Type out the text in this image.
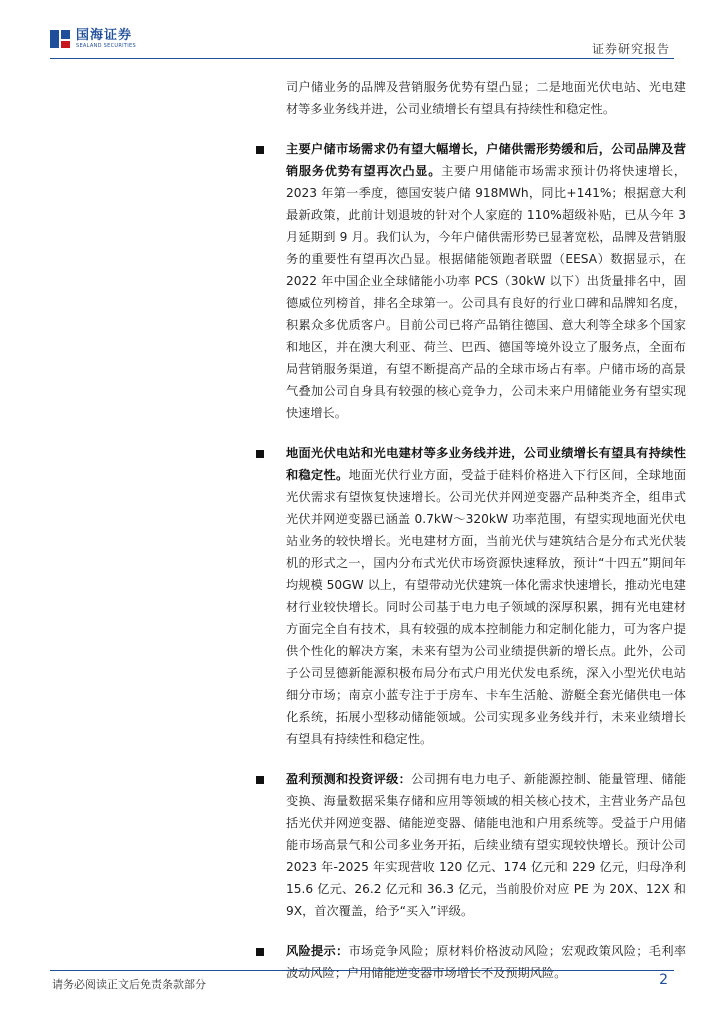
国海证券
SEALAND SECURITIES	证券研究报告

司户储业务的品牌及营销服务优势有望凸显；二是地面光伏电站、光电建材等多业务线并进，公司业绩增长有望具有持续性和稳定性。

主要户储市场需求仍有望大幅增长，户储供需形势缓和后，公司品牌及营销服务优势有望再次凸显。主要户用储能市场需求预计仍将快速增长，2023 年第一季度，德国安装户储 918MWh，同比+141%；根据意大利最新政策，此前计划退坡的针对个人家庭的 110%超级补贴，已从今年 3 月延期到 9 月。我们认为，今年户储供需形势已显著宽松，品牌及营销服务的重要性有望再次凸显。根据储能领跑者联盟（EESA）数据显示，在 2022 年中国企业全球储能小功率 PCS（30kW 以下）出货量排名中，固德威位列榜首，排名全球第一。公司具有良好的行业口碑和品牌知名度，积累众多优质客户。目前公司已将产品销往德国、意大利等全球多个国家和地区，并在澳大利亚、荷兰、巴西、德国等境外设立了服务点，全面布局营销服务渠道，有望不断提高产品的全球市场占有率。户储市场的高景气叠加公司自身具有较强的核心竞争力，公司未来户用储能业务有望实现快速增长。

地面光伏电站和光电建材等多业务线并进，公司业绩增长有望具有持续性和稳定性。地面光伏行业方面，受益于硅料价格进入下行区间，全球地面光伏需求有望恢复快速增长。公司光伏并网逆变器产品种类齐全，组串式光伏并网逆变器已涵盖 0.7kW～320kW 功率范围，有望实现地面光伏电站业务的较快增长。光电建材方面，当前光伏与建筑结合是分布式光伏装机的形式之一，国内分布式光伏市场资源快速释放，预计“十四五”期间年均规模 50GW 以上，有望带动光伏建筑一体化需求快速增长，推动光电建材行业较快增长。同时公司基于电力电子领域的深厚积累，拥有光电建材方面完全自有技术，具有较强的成本控制能力和定制化能力，可为客户提供个性化的解决方案，未来有望为公司业绩提供新的增长点。此外，公司子公司昱德新能源积极布局分布式户用光伏发电系统，深入小型光伏电站细分市场；南京小蓝专注于于房车、卡车生活舱、游艇全套光储供电一体化系统，拓展小型移动储能领域。公司实现多业务线并行，未来业绩增长有望具有持续性和稳定性。

盈利预测和投资评级：公司拥有电力电子、新能源控制、能量管理、储能变换、海量数据采集存储和应用等领域的相关核心技术，主营业务产品包括光伏并网逆变器、储能逆变器、储能电池和户用系统等。受益于户用储能市场高景气和公司多业务开拓，后续业绩有望实现较快增长。预计公司 2023 年-2025 年实现营收 120 亿元、174 亿元和 229 亿元，归母净利 15.6 亿元、26.2 亿元和 36.3 亿元，当前股价对应 PE 为 20X、12X 和 9X，首次覆盖，给予“买入”评级。

风险提示：市场竞争风险；原材料价格波动风险；宏观政策风险；毛利率波动风险；户用储能逆变器市场增长不及预期风险。

请务必阅读正文后免责条款部分	2
